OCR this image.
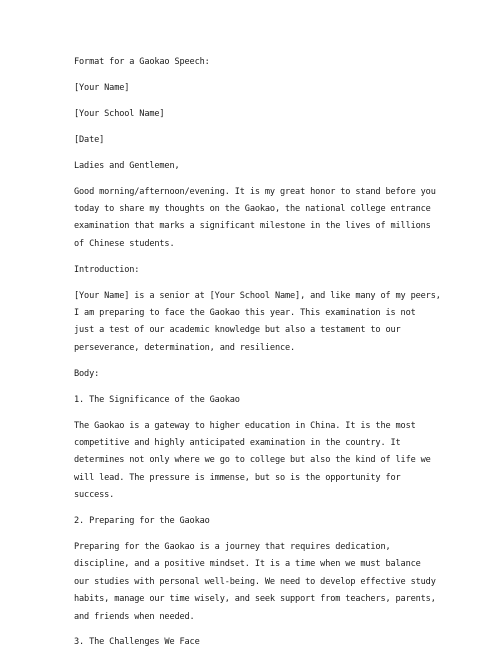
Format for a Gaokao Speech:

[Your Name]

[Your School Name]

[Date]

Ladies and Gentlemen,

Good morning/afternoon/evening. It is my great honor to stand before you
today to share my thoughts on the Gaokao, the national college entrance
examination that marks a significant milestone in the lives of millions
of Chinese students.

Introduction:

[Your Name] is a senior at [Your School Name], and like many of my peers,
I am preparing to face the Gaokao this year. This examination is not
just a test of our academic knowledge but also a testament to our
perseverance, determination, and resilience.

Body:

1. The Significance of the Gaokao

The Gaokao is a gateway to higher education in China. It is the most
competitive and highly anticipated examination in the country. It
determines not only where we go to college but also the kind of life we
will lead. The pressure is immense, but so is the opportunity for
success.

2. Preparing for the Gaokao

Preparing for the Gaokao is a journey that requires dedication,
discipline, and a positive mindset. It is a time when we must balance
our studies with personal well-being. We need to develop effective study
habits, manage our time wisely, and seek support from teachers, parents,
and friends when needed.

3. The Challenges We Face
